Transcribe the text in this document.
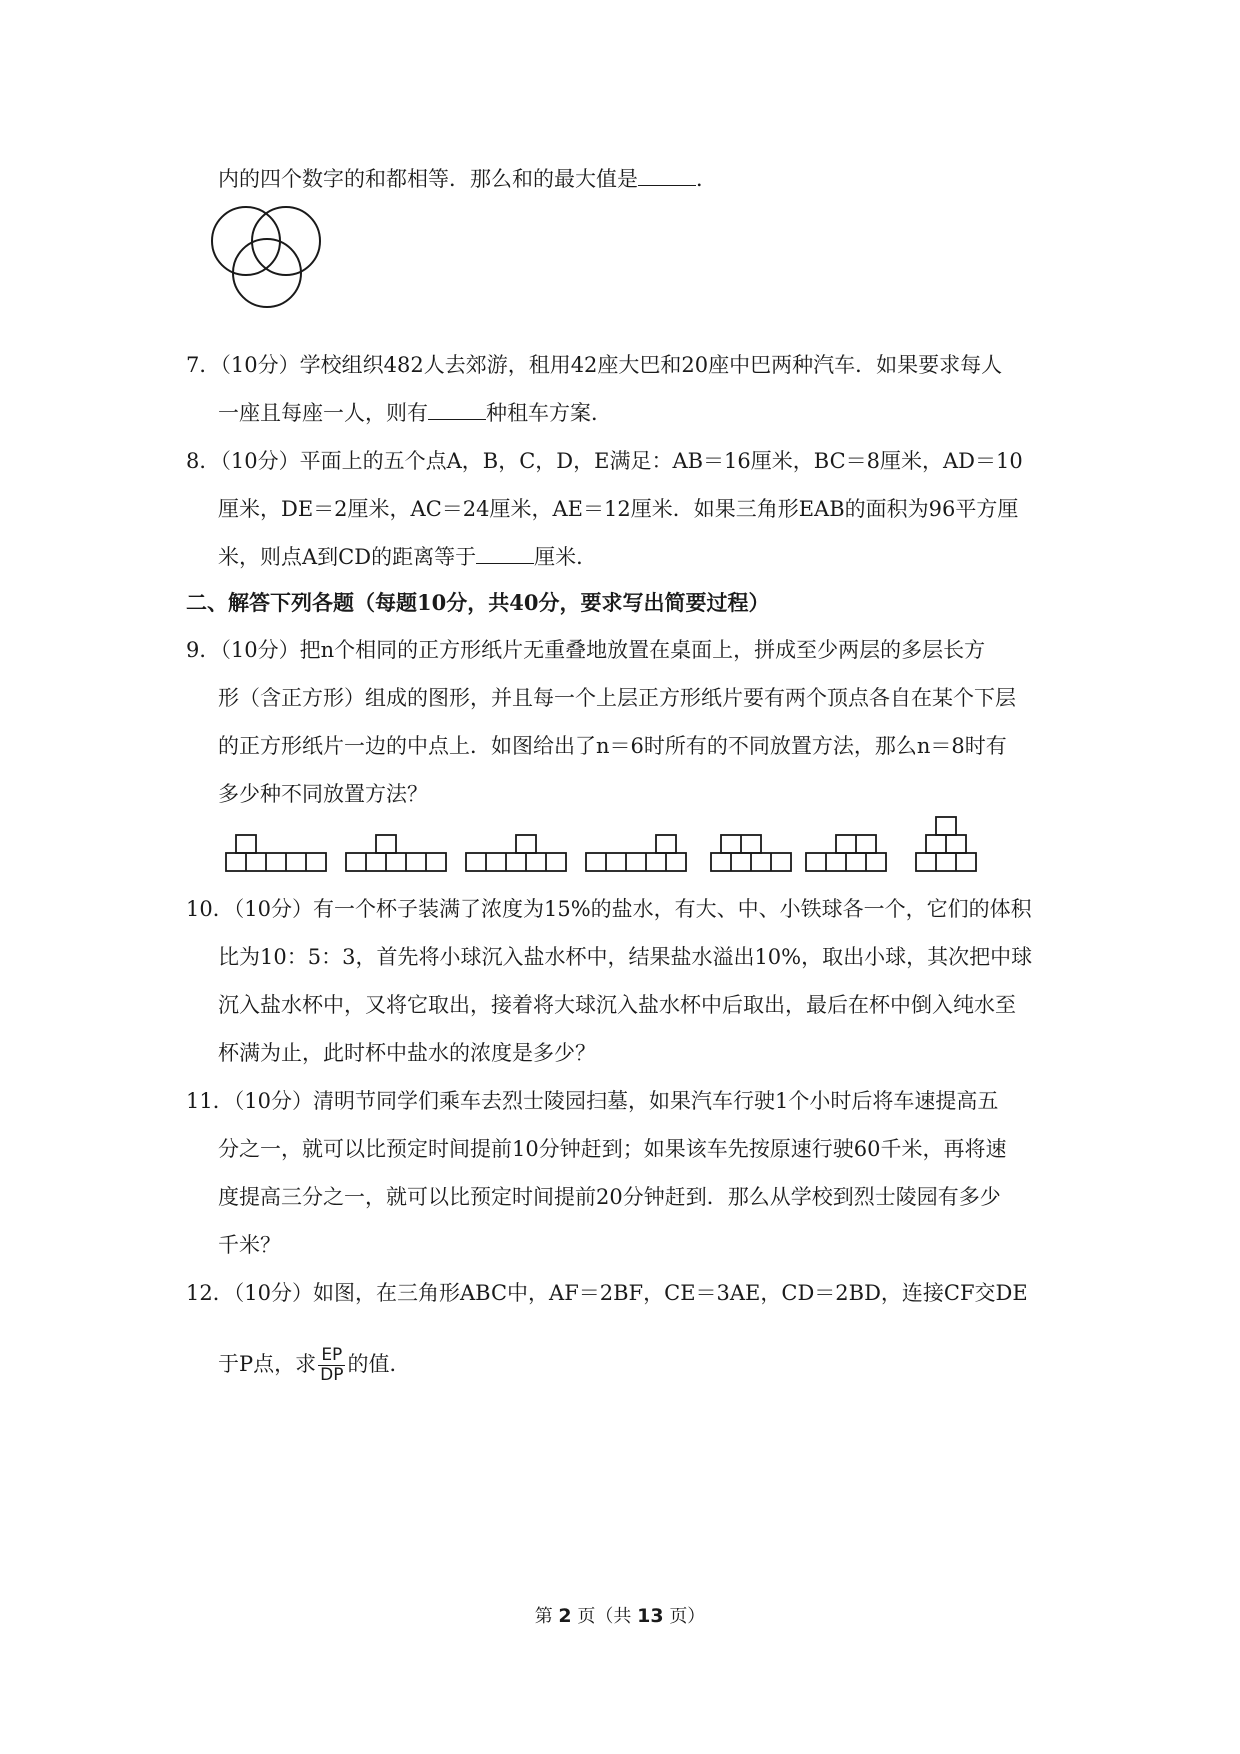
内的四个数字的和都相等．那么和的最大值是	．
7．（10分）学校组织482人去郊游，租用42座大巴和20座中巴两种汽车．如果要求每人
一座且每座一人，则有	种租车方案．
8．（10分）平面上的五个点A，B，C，D，E满足：AB＝16厘米，BC＝8厘米，AD＝10
厘米，DE＝2厘米，AC＝24厘米，AE＝12厘米．如果三角形EAB的面积为96平方厘
米，则点A到CD的距离等于	厘米．
二、解答下列各题（每题10分，共40分，要求写出简要过程）
9．（10分）把n个相同的正方形纸片无重叠地放置在桌面上，拼成至少两层的多层长方
形（含正方形）组成的图形，并且每一个上层正方形纸片要有两个顶点各自在某个下层
的正方形纸片一边的中点上．如图给出了n＝6时所有的不同放置方法，那么n＝8时有
多少种不同放置方法？
10．（10分）有一个杯子装满了浓度为15%的盐水，有大、中、小铁球各一个，它们的体积
比为10：5：3，首先将小球沉入盐水杯中，结果盐水溢出10%，取出小球，其次把中球
沉入盐水杯中，又将它取出，接着将大球沉入盐水杯中后取出，最后在杯中倒入纯水至
杯满为止，此时杯中盐水的浓度是多少？
11．（10分）清明节同学们乘车去烈士陵园扫墓，如果汽车行驶1个小时后将车速提高五
分之一，就可以比预定时间提前10分钟赶到；如果该车先按原速行驶60千米，再将速
度提高三分之一，就可以比预定时间提前20分钟赶到．那么从学校到烈士陵园有多少
千米？
12．（10分）如图，在三角形ABC中，AF＝2BF，CE＝3AE，CD＝2BD，连接CF交DE
于P点，求 $\frac{EP}{DP}$ 的值．
第 2 页（共 13 页）
